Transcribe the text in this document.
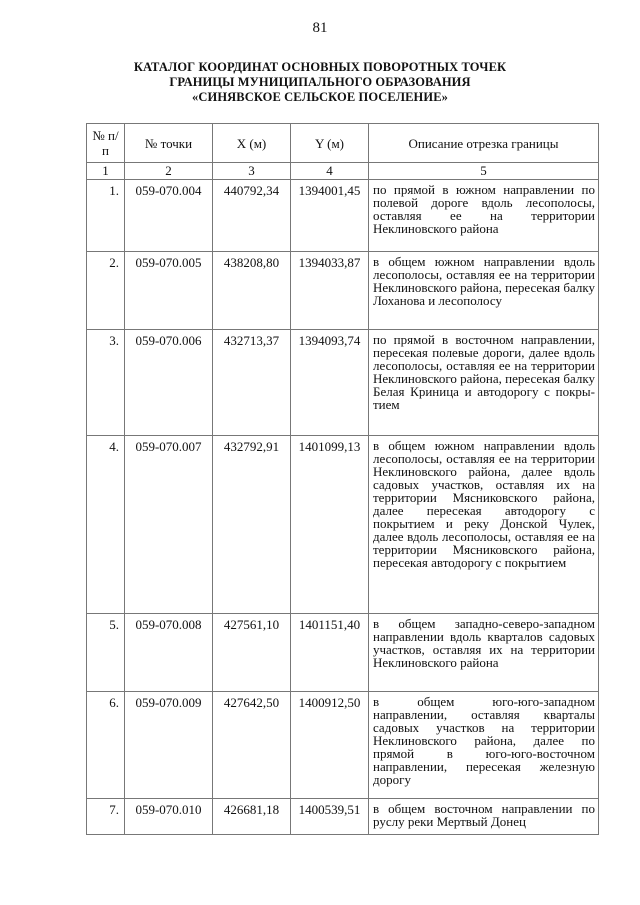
81
КАТАЛОГ КООРДИНАТ ОСНОВНЫХ ПОВОРОТНЫХ ТОЧЕК
ГРАНИЦЫ МУНИЦИПАЛЬНОГО ОБРАЗОВАНИЯ
«СИНЯВСКОЕ СЕЛЬСКОЕ ПОСЕЛЕНИЕ»
№ п/п	№ точки	X (м)	Y (м)	Описание отрезка границы
1	2	3	4	5
1.	059-070.004	440792,34	1394001,45	по прямой в южном направлении по полевой дороге вдоль лесополосы, оставляя ее на территории Неклиновского района
2.	059-070.005	438208,80	1394033,87	в общем южном направлении вдоль лесополосы, оставляя ее на территории Неклиновского района, пересекая балку Лоханова и лесополосу
3.	059-070.006	432713,37	1394093,74	по прямой в восточном направлении, пересекая полевые дороги, далее вдоль лесополосы, оставляя ее на территории Неклиновского района, пересекая балку Белая Криница и автодорогу с покрытием
4.	059-070.007	432792,91	1401099,13	в общем южном направлении вдоль лесополосы, оставляя ее на территории Неклиновского района, далее вдоль садовых участков, оставляя их на территории Мясниковского района, далее пересекая автодорогу с покрытием и реку Донской Чулек, далее вдоль лесополосы, оставляя ее на территории Мясниковского района, пересекая автодорогу с покрытием
5.	059-070.008	427561,10	1401151,40	в общем западно-северо-западном направлении вдоль кварталов садовых участков, оставляя их на территории Неклиновского района
6.	059-070.009	427642,50	1400912,50	в общем юго-юго-западном направлении, оставляя кварталы садовых участков на территории Неклиновского района, далее по прямой в юго-юго-восточном направлении, пересекая железную дорогу
7.	059-070.010	426681,18	1400539,51	в общем восточном направлении по руслу реки Мертвый Донец
